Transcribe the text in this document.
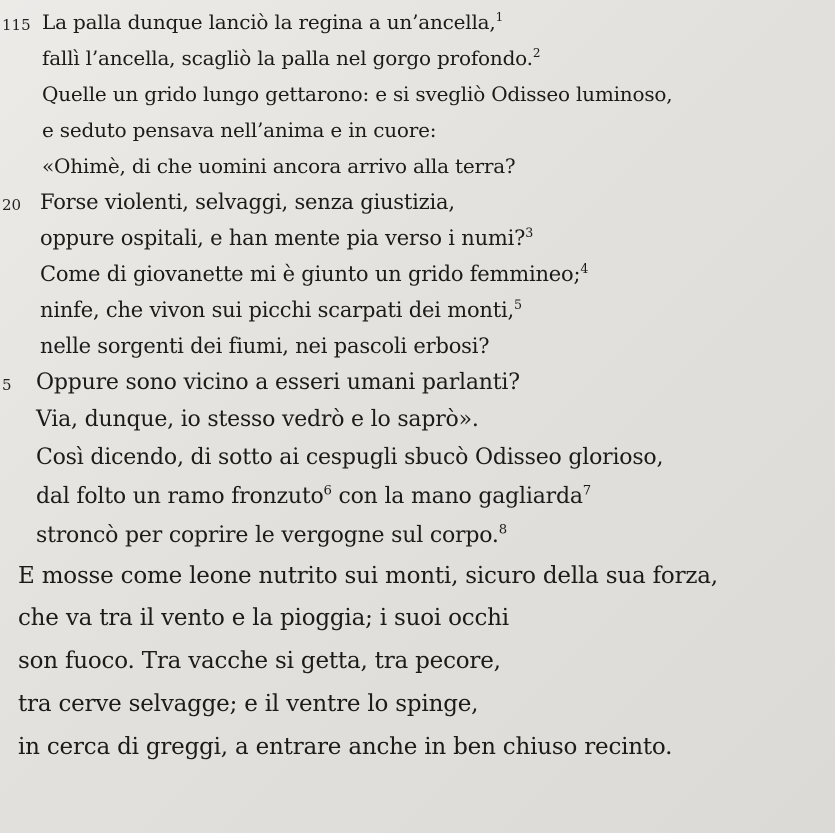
115
20
5
La palla dunque lanciò la regina a un’ancella,$^1$
fallì l’ancella, scagliò la palla nel gorgo profondo.$^2$
Quelle un grido lungo gettarono: e si svegliò Odisseo luminoso,
e seduto pensava nell’anima e in cuore:
«Ohimè, di che uomini ancora arrivo alla terra?
Forse violenti, selvaggi, senza giustizia,
oppure ospitali, e han mente pia verso i numi?$^3$
Come di giovanette mi è giunto un grido femmineo;$^4$
ninfe, che vivon sui picchi scarpati dei monti,$^5$
nelle sorgenti dei fiumi, nei pascoli erbosi?
Oppure sono vicino a esseri umani parlanti?
Via, dunque, io stesso vedrò e lo saprò».
Così dicendo, di sotto ai cespugli sbucò Odisseo glorioso,
dal folto un ramo fronzuto$^6$ con la mano gagliarda$^7$
stroncò per coprire le vergogne sul corpo.$^8$
E mosse come leone nutrito sui monti, sicuro della sua forza,
che va tra il vento e la pioggia; i suoi occhi
son fuoco. Tra vacche si getta, tra pecore,
tra cerve selvagge; e il ventre lo spinge,
in cerca di greggi, a entrare anche in ben chiuso recinto.
